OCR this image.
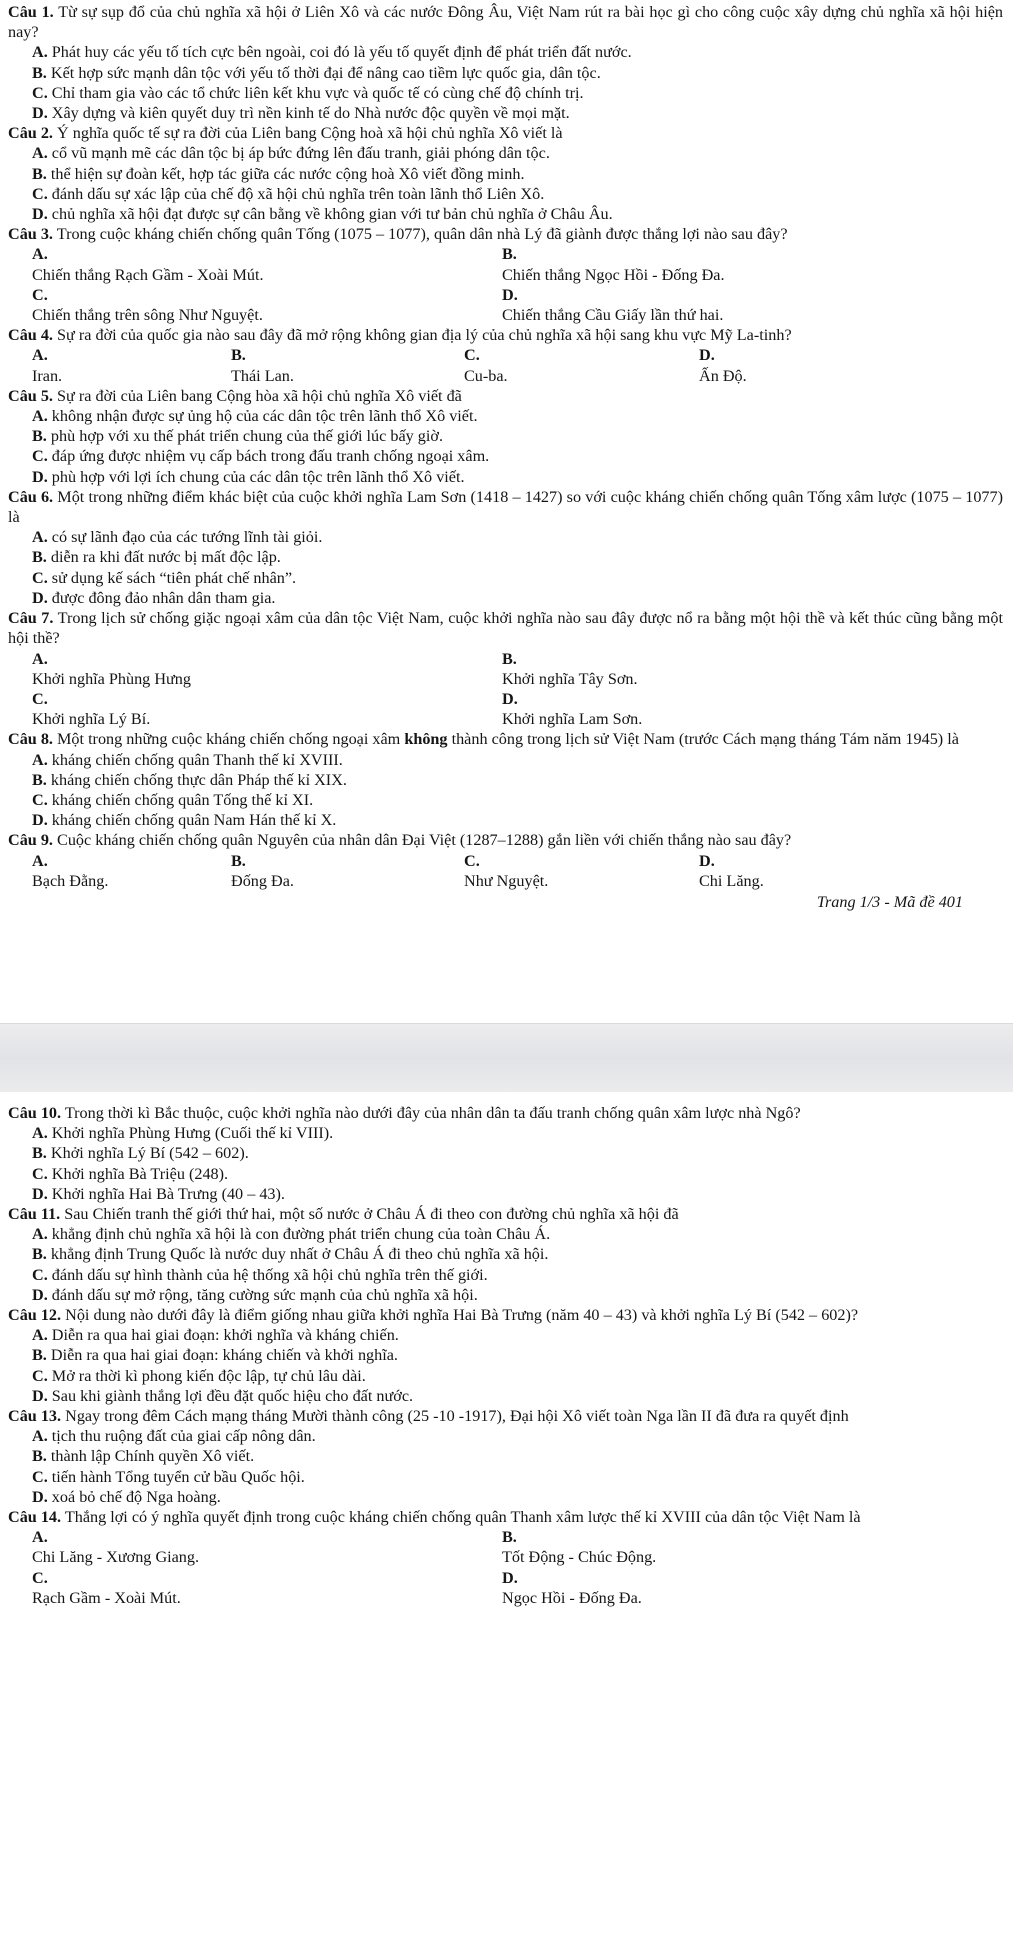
Câu 1. Từ sự sụp đổ của chủ nghĩa xã hội ở Liên Xô và các nước Đông Âu, Việt Nam rút ra bài học gì cho công cuộc xây dựng chủ nghĩa xã hội hiện nay?
A. Phát huy các yếu tố tích cực bên ngoài, coi đó là yếu tố quyết định để phát triển đất nước.
B. Kết hợp sức mạnh dân tộc với yếu tố thời đại để nâng cao tiềm lực quốc gia, dân tộc.
C. Chỉ tham gia vào các tổ chức liên kết khu vực và quốc tế có cùng chế độ chính trị.
D. Xây dựng và kiên quyết duy trì nền kinh tế do Nhà nước độc quyền về mọi mặt.
Câu 2. Ý nghĩa quốc tế sự ra đời của Liên bang Cộng hoà xã hội chủ nghĩa Xô viết là
A. cổ vũ mạnh mẽ các dân tộc bị áp bức đứng lên đấu tranh, giải phóng dân tộc.
B. thể hiện sự đoàn kết, hợp tác giữa các nước cộng hoà Xô viết đồng minh.
C. đánh dấu sự xác lập của chế độ xã hội chủ nghĩa trên toàn lãnh thổ Liên Xô.
D. chủ nghĩa xã hội đạt được sự cân bằng về không gian với tư bản chủ nghĩa ở Châu Âu.
Câu 3. Trong cuộc kháng chiến chống quân Tống (1075 – 1077), quân dân nhà Lý đã giành được thắng lợi nào sau đây?
A.
Chiến thắng Rạch Gầm - Xoài Mút.
B.
Chiến thắng Ngọc Hồi - Đống Đa.
C.
Chiến thắng trên sông Như Nguyệt.
D.
Chiến thắng Cầu Giấy lần thứ hai.
Câu 4. Sự ra đời của quốc gia nào sau đây đã mở rộng không gian địa lý của chủ nghĩa xã hội sang khu vực Mỹ La-tinh?
A.
Iran.
B.
Thái Lan.
C.
Cu-ba.
D.
Ấn Độ.
Câu 5. Sự ra đời của Liên bang Cộng hòa xã hội chủ nghĩa Xô viết đã
A. không nhận được sự ủng hộ của các dân tộc trên lãnh thổ Xô viết.
B. phù hợp với xu thế phát triển chung của thế giới lúc bấy giờ.
C. đáp ứng được nhiệm vụ cấp bách trong đấu tranh chống ngoại xâm.
D. phù hợp với lợi ích chung của các dân tộc trên lãnh thổ Xô viết.
Câu 6. Một trong những điểm khác biệt của cuộc khởi nghĩa Lam Sơn (1418 – 1427) so với cuộc kháng chiến chống quân Tống xâm lược (1075 – 1077) là
A. có sự lãnh đạo của các tướng lĩnh tài giỏi.
B. diễn ra khi đất nước bị mất độc lập.
C. sử dụng kế sách “tiên phát chế nhân”.
D. được đông đảo nhân dân tham gia.
Câu 7. Trong lịch sử chống giặc ngoại xâm của dân tộc Việt Nam, cuộc khởi nghĩa nào sau đây được nổ ra bằng một hội thề và kết thúc cũng bằng một hội thề?
A.
Khởi nghĩa Phùng Hưng
B.
Khởi nghĩa Tây Sơn.
C.
Khởi nghĩa Lý Bí.
D.
Khởi nghĩa Lam Sơn.
Câu 8. Một trong những cuộc kháng chiến chống ngoại xâm không thành công trong lịch sử Việt Nam (trước Cách mạng tháng Tám năm 1945) là
A. kháng chiến chống quân Thanh thế kỉ XVIII.
B. kháng chiến chống thực dân Pháp thế kỉ XIX.
C. kháng chiến chống quân Tống thế kỉ XI.
D. kháng chiến chống quân Nam Hán thế kỉ X.
Câu 9. Cuộc kháng chiến chống quân Nguyên của nhân dân Đại Việt (1287–1288) gắn liền với chiến thắng nào sau đây?
A.
Bạch Đằng.
B.
Đống Đa.
C.
Như Nguyệt.
D.
Chi Lăng.
Trang 1/3 - Mã đề 401
Câu 10. Trong thời kì Bắc thuộc, cuộc khởi nghĩa nào dưới đây của nhân dân ta đấu tranh chống quân xâm lược nhà Ngô?
A. Khởi nghĩa Phùng Hưng (Cuối thế kỉ VIII).
B. Khởi nghĩa Lý Bí (542 – 602).
C. Khởi nghĩa Bà Triệu (248).
D. Khởi nghĩa Hai Bà Trưng (40 – 43).
Câu 11. Sau Chiến tranh thế giới thứ hai, một số nước ở Châu Á đi theo con đường chủ nghĩa xã hội đã
A. khẳng định chủ nghĩa xã hội là con đường phát triển chung của toàn Châu Á.
B. khẳng định Trung Quốc là nước duy nhất ở Châu Á đi theo chủ nghĩa xã hội.
C. đánh dấu sự hình thành của hệ thống xã hội chủ nghĩa trên thế giới.
D. đánh dấu sự mở rộng, tăng cường sức mạnh của chủ nghĩa xã hội.
Câu 12. Nội dung nào dưới đây là điểm giống nhau giữa khởi nghĩa Hai Bà Trưng (năm 40 – 43) và khởi nghĩa Lý Bí (542 – 602)?
A. Diễn ra qua hai giai đoạn: khởi nghĩa và kháng chiến.
B. Diễn ra qua hai giai đoạn: kháng chiến và khởi nghĩa.
C. Mở ra thời kì phong kiến độc lập, tự chủ lâu dài.
D. Sau khi giành thắng lợi đều đặt quốc hiệu cho đất nước.
Câu 13. Ngay trong đêm Cách mạng tháng Mười thành công (25 -10 -1917), Đại hội Xô viết toàn Nga lần II đã đưa ra quyết định
A. tịch thu ruộng đất của giai cấp nông dân.
B. thành lập Chính quyền Xô viết.
C. tiến hành Tổng tuyển cử bầu Quốc hội.
D. xoá bỏ chế độ Nga hoàng.
Câu 14. Thắng lợi có ý nghĩa quyết định trong cuộc kháng chiến chống quân Thanh xâm lược thế kỉ XVIII của dân tộc Việt Nam là
A.
Chi Lăng - Xương Giang.
B.
Tốt Động - Chúc Động.
C.
Rạch Gầm - Xoài Mút.
D.
Ngọc Hồi - Đống Đa.
